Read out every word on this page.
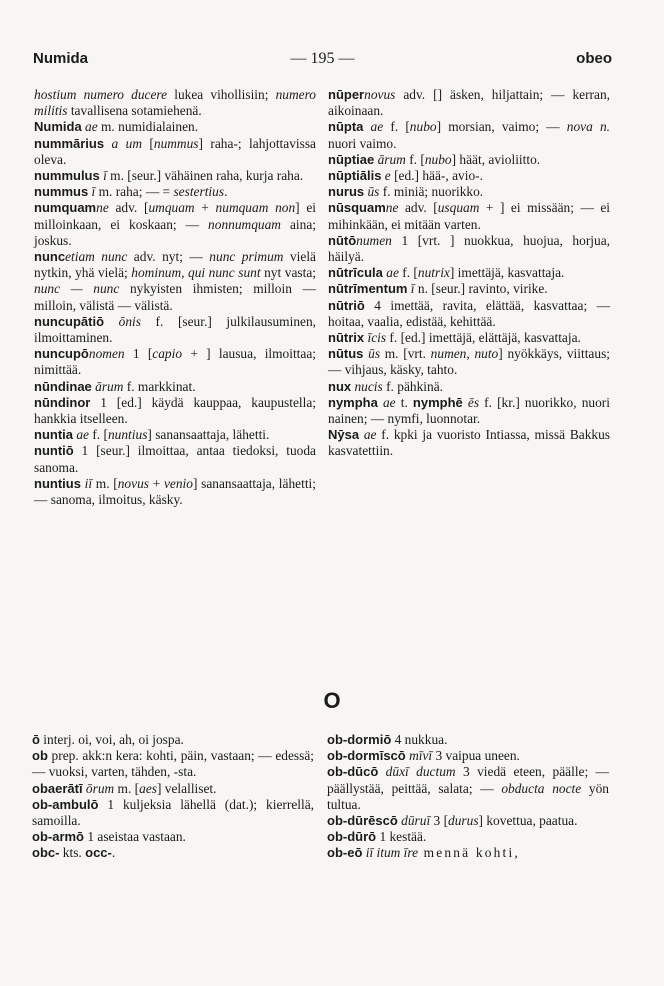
Numida	— 195 —	obeo
hostium numero ducere lukea vihollisiin; numero militis tavallisena sotamiehenä.
Numida ae m. numidialainen.
nummārius a um [nummus] raha-; lahjottavissa oleva.
nummulus ī m. [seur.] vähäinen raha, kurja raha.
nummus ī m. raha; — = sestertius.
numquamne adv. [umquam + numquam non] ei milloinkaan, ei koskaan; — nonnumquam aina; joskus.
nuncetiam nunc adv. nyt; — nunc primum vielä nytkin, yhä vielä; hominum, qui nunc sunt nyt vasta; nunc — nunc nykyisten ihmisten; milloin — milloin, välistä — välistä.
nuncupātiō ōnis f. [seur.] julkilausuminen, ilmoittaminen.
nuncupōnomen 1 [capio + ] lausua, ilmoittaa; nimittää.
nūndinae ārum f. markkinat.
nūndinor 1 [ed.] käydä kauppaa, kaupustella; hankkia itselleen.
nuntia ae f. [nuntius] sanansaattaja, lähetti.
nuntiō 1 [seur.] ilmoittaa, antaa tiedoksi, tuoda sanoma.
nuntius iī m. [novus + venio] sanansaattaja, lähetti; — sanoma, ilmoitus, käsky.
nūpernovus adv. [] äsken, hiljattain; — kerran, aikoinaan.
nūpta ae f. [nubo] morsian, vaimo; — nova n. nuori vaimo.
nūptiae ārum f. [nubo] häät, avioliitto.
nūptiālis e [ed.] hää-, avio-.
nurus ūs f. miniä; nuorikko.
nūsquamne adv. [usquam + ] ei missään; — ei mihinkään, ei mitään varten.
nūtōnumen 1 [vrt. ] nuokkua, huojua, horjua, häilyä.
nūtrīcula ae f. [nutrix] imettäjä, kasvattaja.
nūtrīmentum ī n. [seur.] ravinto, virike.
nūtriō 4 imettää, ravita, elättää, kasvattaa; — hoitaa, vaalia, edistää, kehittää.
nūtrix īcis f. [ed.] imettäjä, elättäjä, kasvattaja.
nūtus ūs m. [vrt. numen, nuto] nyökkäys, viittaus; — vihjaus, käsky, tahto.
nux nucis f. pähkinä.
nympha ae t. nymphē ēs f. [kr.] nuorikko, nuori nainen; — nymfi, luonnotar.
Nȳsa ae f. kpki ja vuoristo Intiassa, missä Bakkus kasvatettiin.
O
ō interj. oi, voi, ah, oi jospa.
ob prep. akk:n kera: kohti, päin, vastaan; — edessä; — vuoksi, varten, tähden, -sta.
obaerātī ōrum m. [aes] velalliset.
ob-ambulō 1 kuljeksia lähellä (dat.); kierrellä, samoilla.
ob-armō 1 aseistaa vastaan.
obc- kts. occ-.
ob-dormiō 4 nukkua.
ob-dormīscō mīvī 3 vaipua uneen.
ob-dūcō dūxī ductum 3 viedä eteen, päälle; — päällystää, peittää, salata; — obducta nocte yön tultua.
ob-dūrēscō dūruī 3 [durus] kovettua, paatua.
ob-dūrō 1 kestää.
ob-eō iī itum īre mennä kohti,
